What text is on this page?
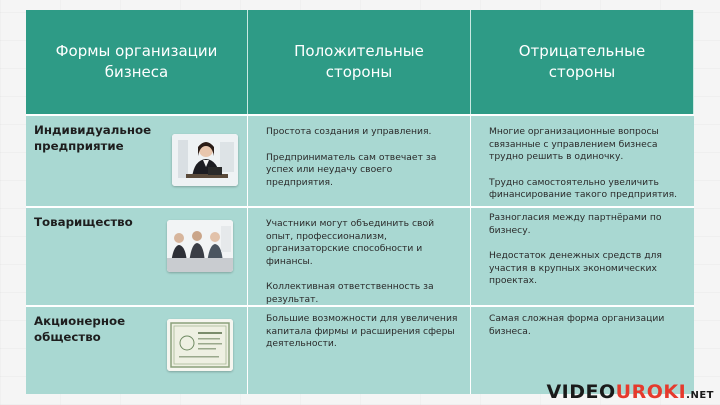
Формы организации
бизнеса
Положительные
стороны
Отрицательные
стороны
Индивидуальное предприятие
Простота создания и управления.
Предприниматель сам отвечает за успех или неудачу своего предприятия.
Многие организационные вопросы связанные с управлением бизнеса трудно решить в одиночку.
Трудно самостоятельно увеличить финансирование такого предприятия.
Товарищество	Участники могут объединить свой опыт, профессионализм, организаторские способности и финансы.
Коллективная ответственность за результат.
Разногласия между партнёрами по бизнесу.
Недостаток денежных средств для участия в крупных экономических проектах.
Акционерное общество
Большие возможности для увеличения капитала фирмы и расширения сферы деятельности.
Самая сложная форма организации бизнеса.
VIDEOUROKI.NET
